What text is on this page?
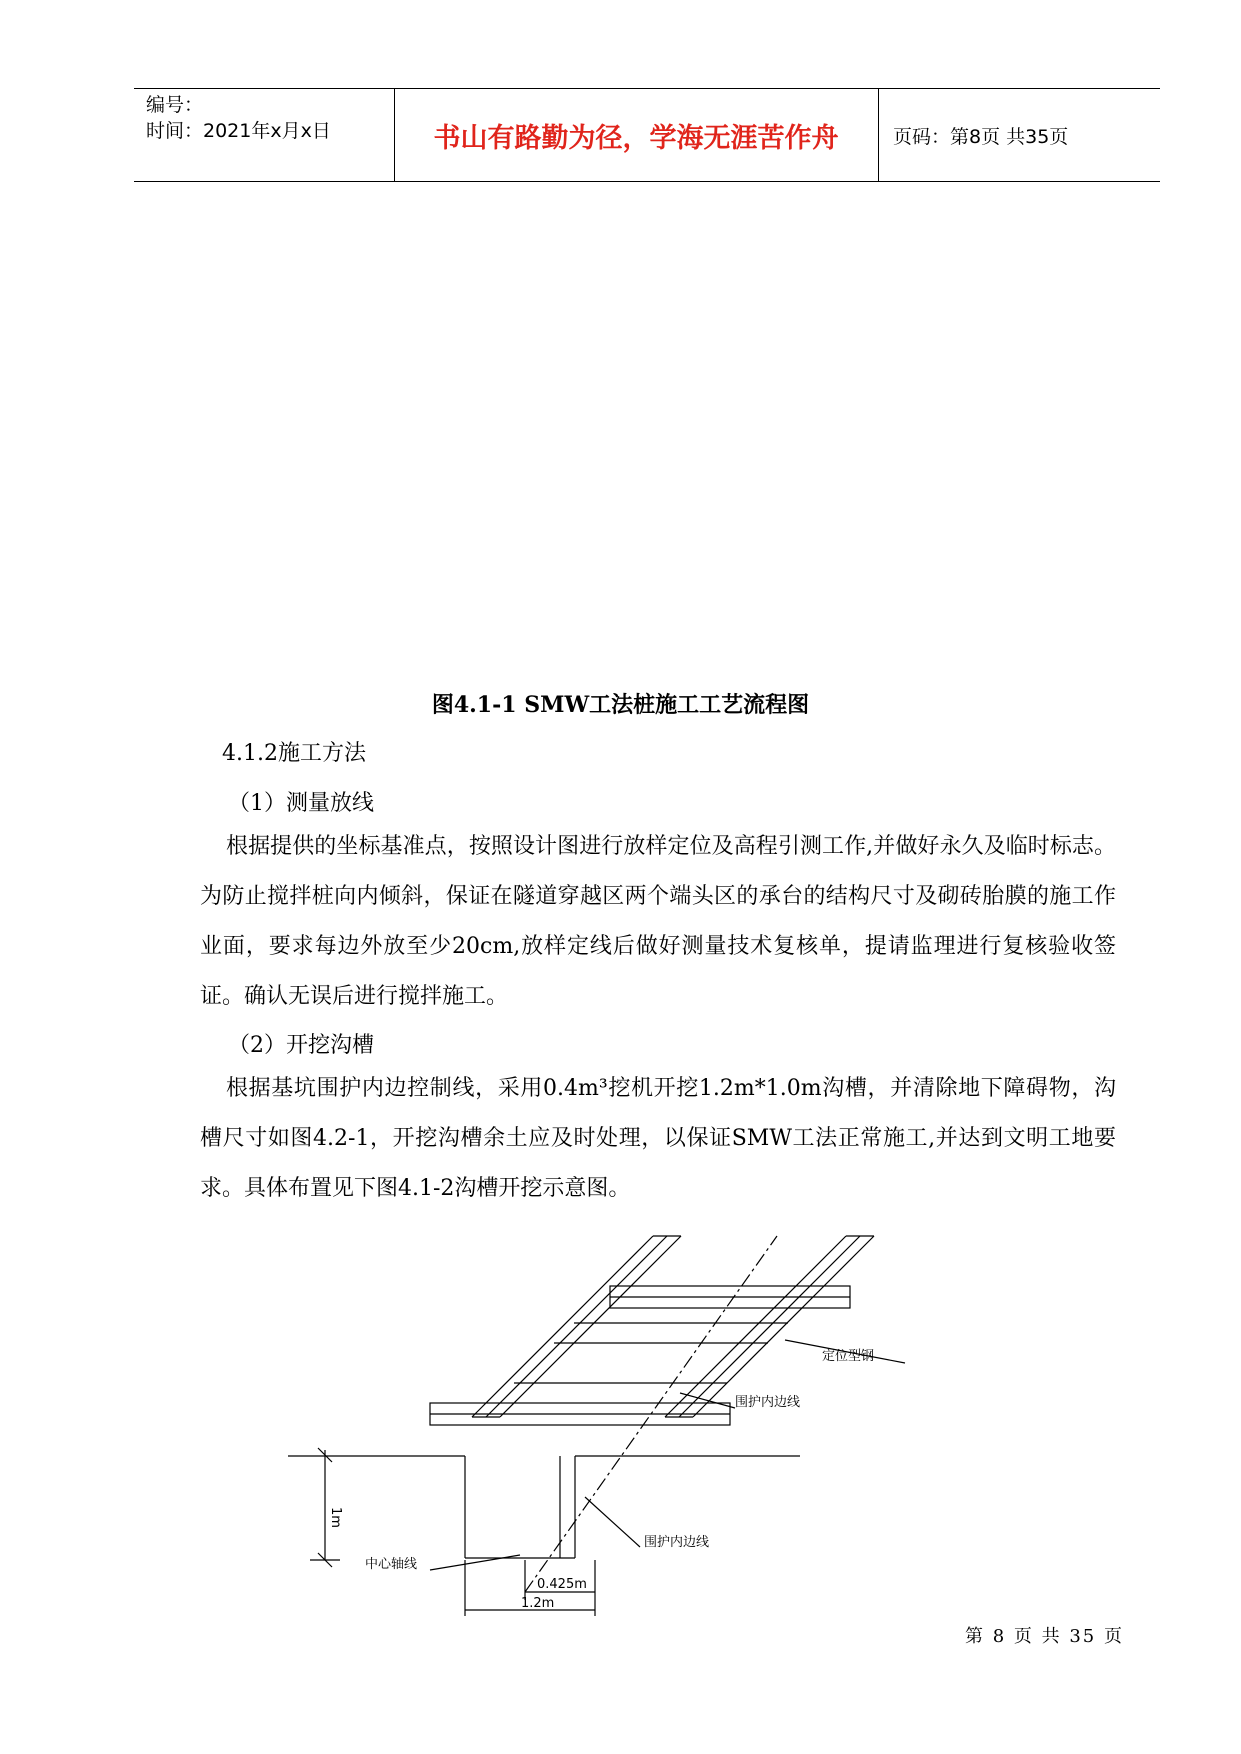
编号：
时间：2021年x月x日	书山有路勤为径，学海无涯苦作舟	页码：第8页 共35页
图4.1-1 SMW工法桩施工工艺流程图
4.1.2施工方法
（1）测量放线
根据提供的坐标基准点，按照设计图进行放样定位及高程引测工作,并做好永久及临时标志。为防止搅拌桩向内倾斜，保证在隧道穿越区两个端头区的承台的结构尺寸及砌砖胎膜的施工作业面，要求每边外放至少20cm,放样定线后做好测量技术复核单，提请监理进行复核验收签证。确认无误后进行搅拌施工。
（2）开挖沟槽
根据基坑围护内边控制线，采用0.4m³挖机开挖1.2m*1.0m沟槽，并清除地下障碍物，沟槽尺寸如图4.2-1，开挖沟槽余土应及时处理，以保证SMW工法正常施工,并达到文明工地要求。具体布置见下图4.1-2沟槽开挖示意图。
定位型钢
围护内边线
围护内边线
中心轴线
1m
0.425m
1.2m
第 8 页 共 35 页
